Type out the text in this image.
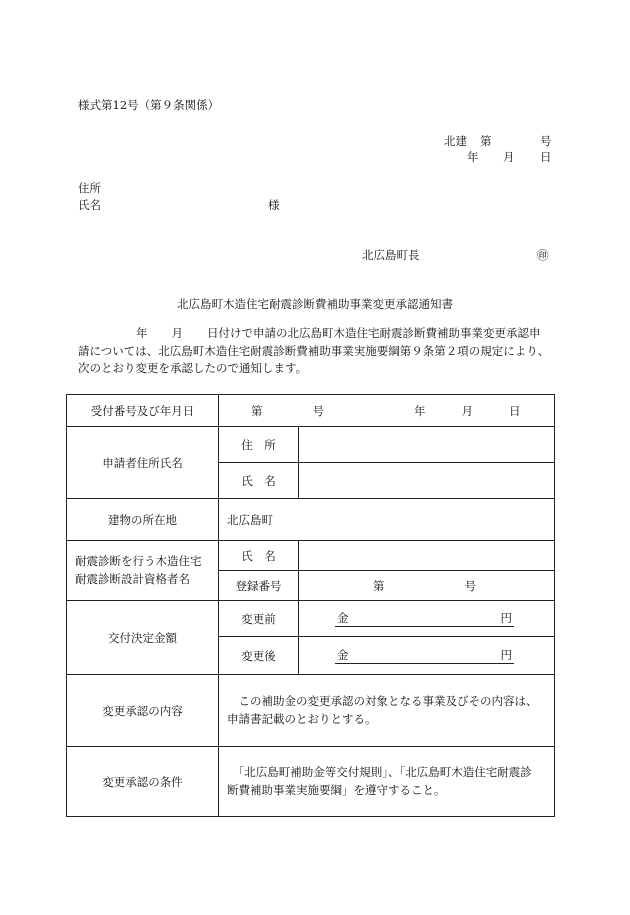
様式第12号（第９条関係）
北建 第	号
年 月 日
住所
氏名	様
北広島町長	㊞
北広島町木造住宅耐震診断費補助事業変更承認通知書
年 月 日付けで申請の北広島町木造住宅耐震診断費補助事業変更承認申
請については、北広島町木造住宅耐震診断費補助事業実施要綱第９条第２項の規定により、
次のとおり変更を承認したので通知します。
受付番号及び年月日	第 号 年 月 日	

申請者住所氏名	住　所	
	氏　名	
建物の所在地	北広島町	

耐震診断を行う木造住宅
耐震診断設計資格者名	氏　名	
	登録番号	第 号

交付決定金額	変更前	金 円

	変更後	金 円

変更承認の内容	　この補助金の変更承認の対象となる事業及びその内容は、
申請書記載のとおりとする。	

変更承認の条件	　「北広島町補助金等交付規則」、「北広島町木造住宅耐震診
断費補助事業実施要綱」を遵守すること。	
